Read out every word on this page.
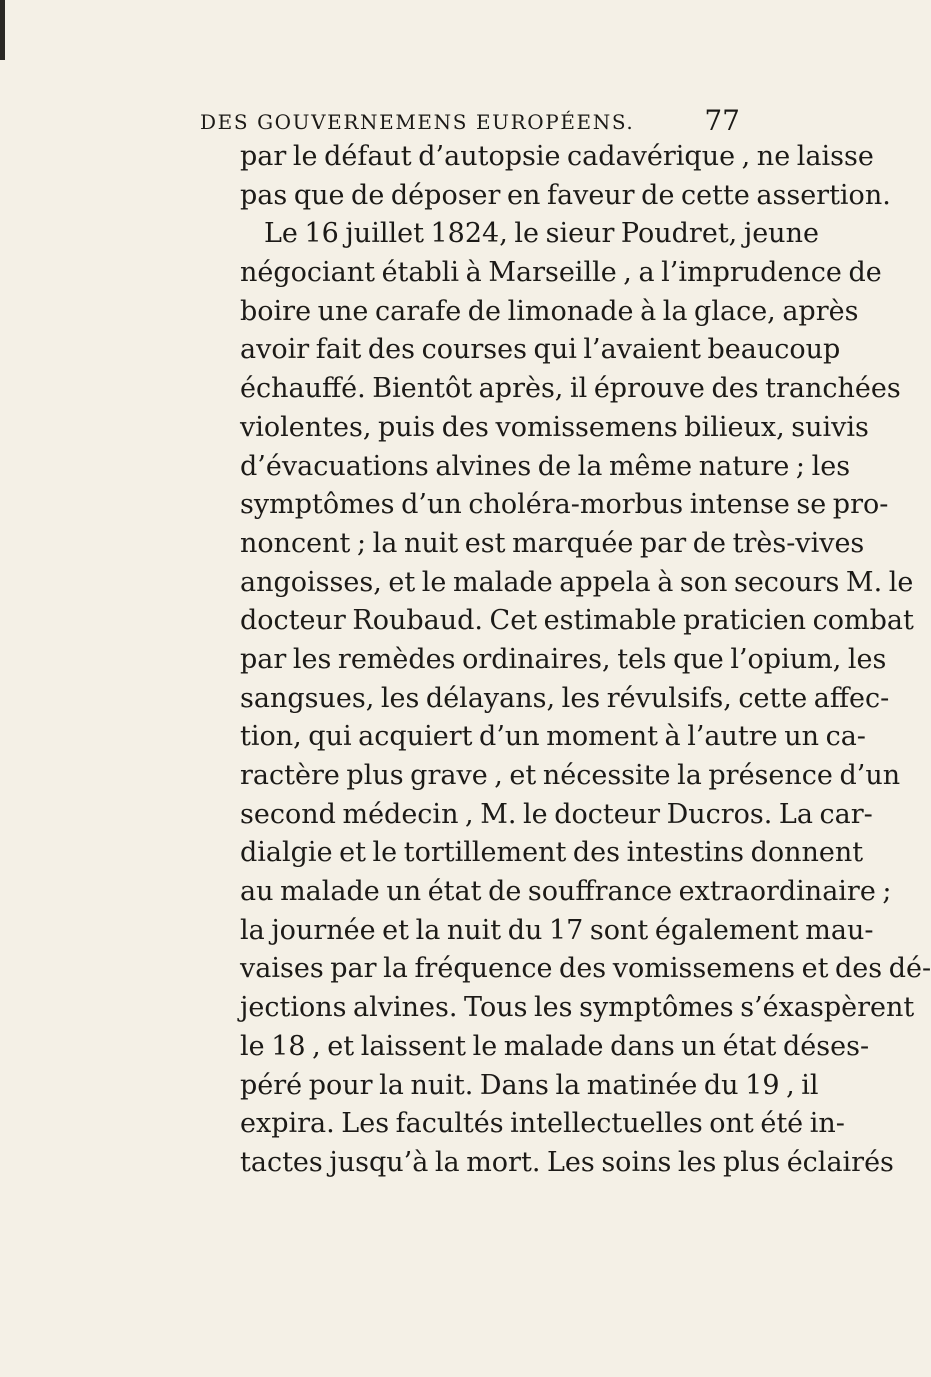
DES GOUVERNEMENS EUROPÉENS. 77
par le défaut d’autopsie cadavérique , ne laisse
pas que de déposer en faveur de cette assertion.
Le 16 juillet 1824, le sieur Poudret, jeune
négociant établi à Marseille , a l’imprudence de
boire une carafe de limonade à la glace, après
avoir fait des courses qui l’avaient beaucoup
échauffé. Bientôt après, il éprouve des tranchées
violentes, puis des vomissemens bilieux, suivis
d’évacuations alvines de la même nature ; les
symptômes d’un choléra-morbus intense se pro-
noncent ; la nuit est marquée par de très-vives
angoisses, et le malade appela à son secours M. le
docteur Roubaud. Cet estimable praticien combat
par les remèdes ordinaires, tels que l’opium, les
sangsues, les délayans, les révulsifs, cette affec-
tion, qui acquiert d’un moment à l’autre un ca-
ractère plus grave , et nécessite la présence d’un
second médecin , M. le docteur Ducros. La car-
dialgie et le tortillement des intestins donnent
au malade un état de souffrance extraordinaire ;
la journée et la nuit du 17 sont également mau-
vaises par la fréquence des vomissemens et des dé-
jections alvines. Tous les symptômes s’éxaspèrent
le 18 , et laissent le malade dans un état déses-
péré pour la nuit. Dans la matinée du 19 , il
expira. Les facultés intellectuelles ont été in-
tactes jusqu’à la mort. Les soins les plus éclairés
